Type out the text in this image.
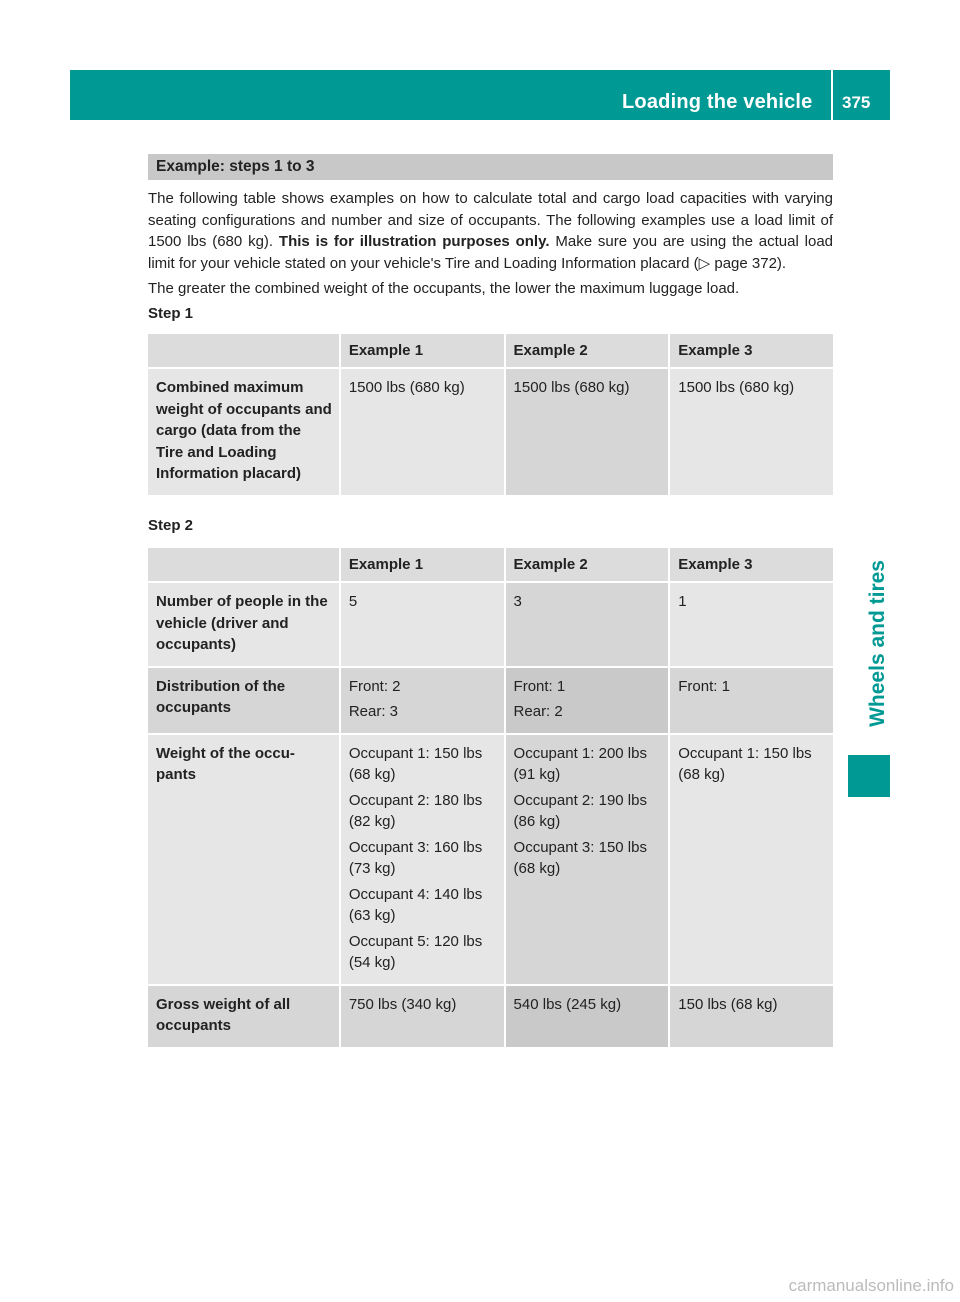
Loading the vehicle 375
Wheels and tires
Example: steps 1 to 3

The following table shows examples on how to calculate total and cargo load capacities with varying seating configurations and number and size of occupants. The following examples use a load limit of 1500 lbs (680 kg). This is for illustration purposes only. Make sure you are using the actual load limit for your vehicle stated on your vehicle's Tire and Loading Information placard (▷ page 372).

The greater the combined weight of the occupants, the lower the maximum luggage load.

Step 1
	Example 1	Example 2	Example 3
Combined maximum weight of occupants and cargo (data from the Tire and Loading Information placard)	1500 lbs (680 kg)	1500 lbs (680 kg)	1500 lbs (680 kg)
Step 2
	Example 1	Example 2	Example 3
Number of people in the vehicle (driver and occupants)	5	3	1

Distribution of the occupants	Front: 2
Rear: 3	Front: 1
Rear: 2	Front: 1

Weight of the occu- pants	Occupant 1: 150 lbs (68 kg)
Occupant 2: 180 lbs (82 kg)
Occupant 3: 160 lbs (73 kg)
Occupant 4: 140 lbs (63 kg)
Occupant 5: 120 lbs (54 kg)	Occupant 1: 200 lbs (91 kg)
Occupant 2: 190 lbs (86 kg)
Occupant 3: 150 lbs (68 kg)	Occupant 1: 150 lbs (68 kg)

Gross weight of all occupants	750 lbs (340 kg)	540 lbs (245 kg)	150 lbs (68 kg)
carmanualsonline.info
